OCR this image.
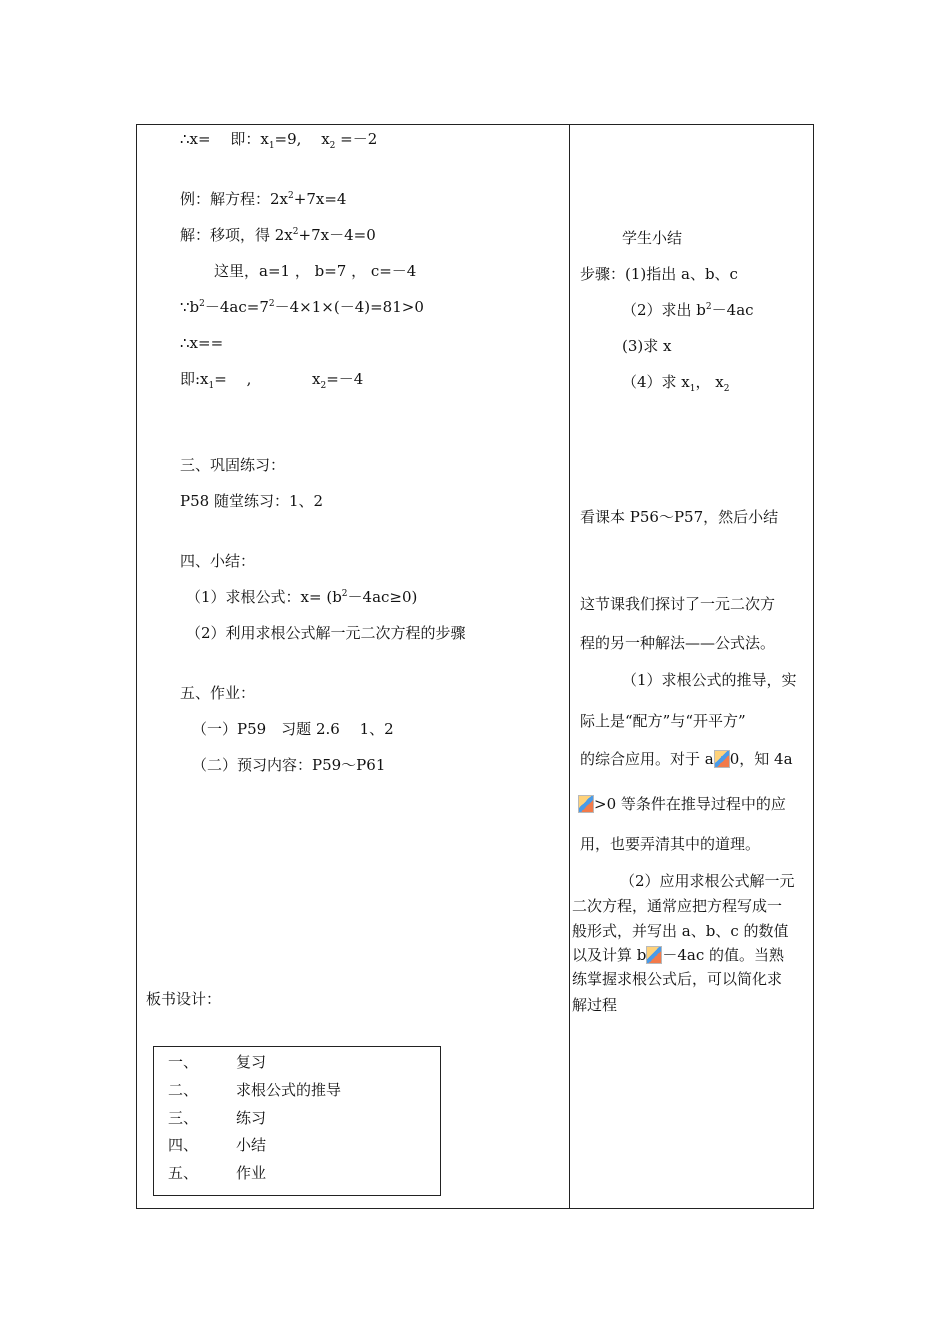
∴x=　 即：$x_1=9$,　 $x_2 =-2$
例：解方程：$2x^2+7x=4$
解：移项，得 $2x^2+7x-4=0$
这里，a=1 ， b=7 ， c=－4
$\because b^2-4ac=7^2-4\times 1\times(-4)=81>0$
∴x==
即$:x_1=$　 ,	$x_2=-4$
三、巩固练习：
P58 随堂练习：1、2
四、小结：
（1）求根公式：$x= (b^2-4ac\ge 0)$
（2）利用求根公式解一元二次方程的步骤
五、作业：
（一）P59　习题 2.6　 1、2
（二）预习内容：P59～P61
板书设计：
一、	复习
二、	求根公式的推导
三、	练习
四、	小结
五、	作业
学生小结
步骤：(1)指出 a、b、c
（2）求出 $b^2-4ac$
(3)求 x
（4）求 $x_1$， $x_2$
看课本 P56～P57，然后小结
这节课我们探讨了一元二次方
程的另一种解法——公式法。
（1）求根公式的推导，实
际上是“配方”与“开平方”
的综合应用。对于 a 0，知 4a
>0 等条件在推导过程中的应
用，也要弄清其中的道理。
（2）应用求根公式解一元
二次方程，通常应把方程写成一
般形式，并写出 a、b、c 的数值
以及计算 b －4ac 的值。当熟
练掌握求根公式后，可以简化求
解过程
